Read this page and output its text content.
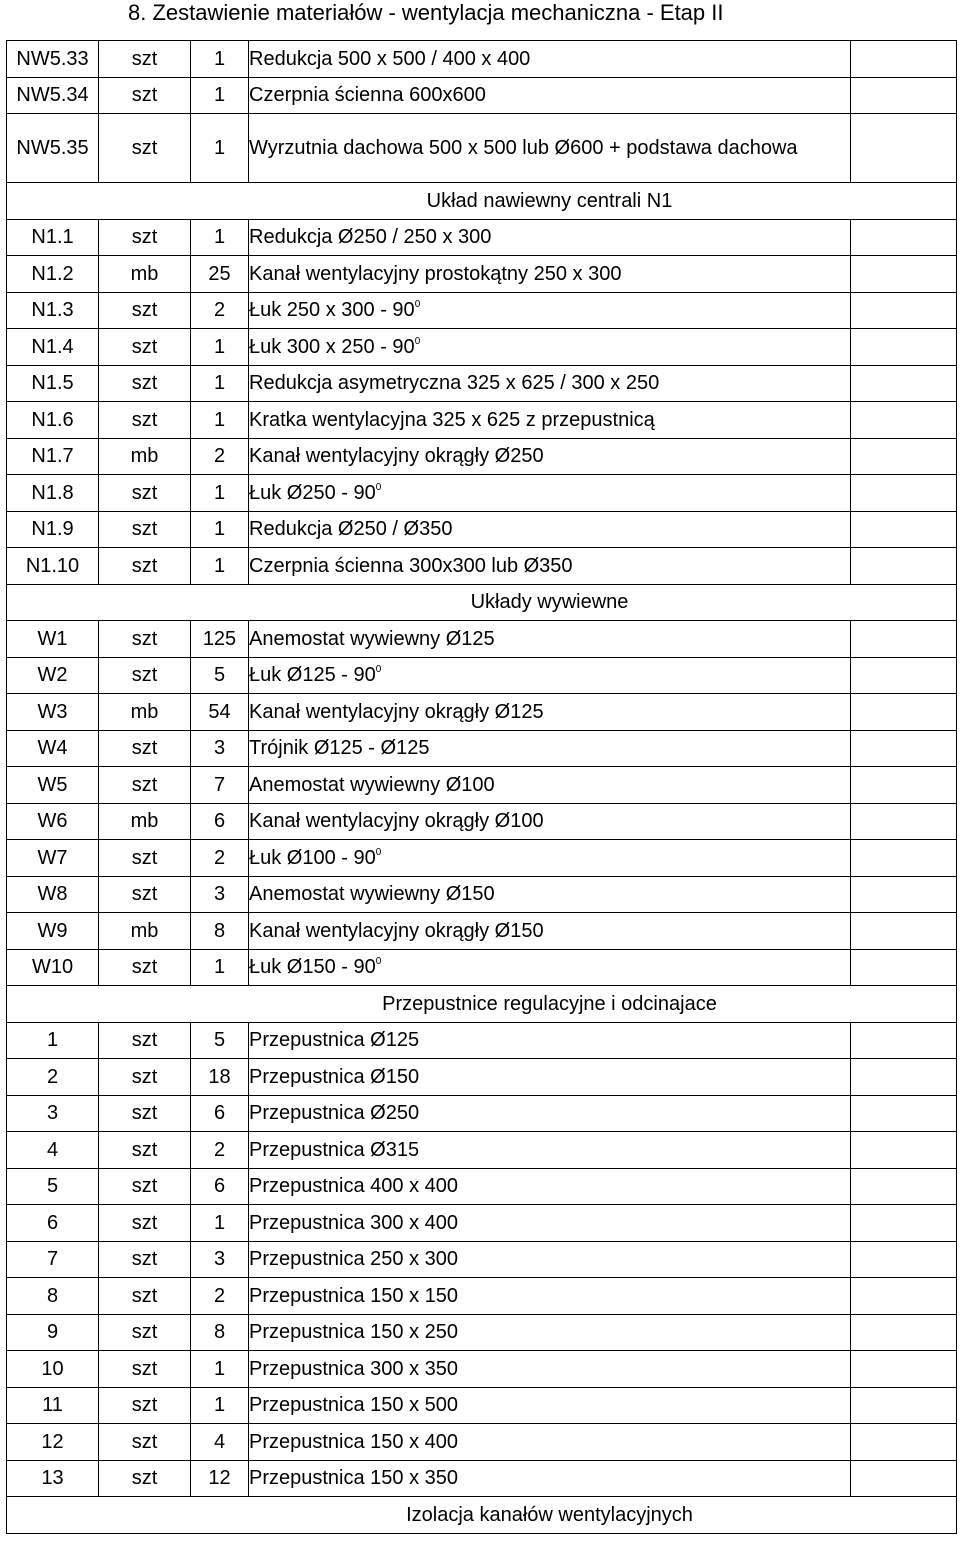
8. Zestawienie materiałów - wentylacja mechaniczna - Etap II
NW5.33	szt	1	Redukcja 500 x 500 / 400 x 400	
NW5.34	szt	1	Czerpnia ścienna 600x600	
NW5.35	szt	1	Wyrzutnia dachowa 500 x 500 lub Ø600 + podstawa dachowa	
			Układ nawiewny centrali N1	
N1.1	szt	1	Redukcja Ø250 / 250 x 300	
N1.2	mb	25	Kanał wentylacyjny prostokątny 250 x 300	
N1.3	szt	2	Łuk 250 x $300 - 90^0$	
N1.4	szt	1	Łuk 300 x $250 - 90^0$	
N1.5	szt	1	Redukcja asymetryczna 325 x 625 / 300 x 250	
N1.6	szt	1	Kratka wentylacyjna 325 x 625 z przepustnicą	
N1.7	mb	2	Kanał wentylacyjny okrągły Ø250	
N1.8	szt	1	Łuk Ø250 - $90^0$	
N1.9	szt	1	Redukcja Ø250 / Ø350	
N1.10	szt	1	Czerpnia ścienna 300x300 lub Ø350	
			Układy wywiewne	
W1	szt	125	Anemostat wywiewny Ø125	
W2	szt	5	Łuk Ø125 - $90^0$	
W3	mb	54	Kanał wentylacyjny okrągły Ø125	
W4	szt	3	Trójnik Ø125 - Ø125	
W5	szt	7	Anemostat wywiewny Ø100	
W6	mb	6	Kanał wentylacyjny okrągły Ø100	
W7	szt	2	Łuk Ø100 - $90^0$	
W8	szt	3	Anemostat wywiewny Ø150	
W9	mb	8	Kanał wentylacyjny okrągły Ø150	
W10	szt	1	Łuk Ø150 - $90^0$	
			Przepustnice regulacyjne i odcinajace	
1	szt	5	Przepustnica Ø125	
2	szt	18	Przepustnica Ø150	
3	szt	6	Przepustnica Ø250	
4	szt	2	Przepustnica Ø315	
5	szt	6	Przepustnica 400 x 400	
6	szt	1	Przepustnica 300 x 400	
7	szt	3	Przepustnica 250 x 300	
8	szt	2	Przepustnica 150 x 150	
9	szt	8	Przepustnica 150 x 250	
10	szt	1	Przepustnica 300 x 350	
11	szt	1	Przepustnica 150 x 500	
12	szt	4	Przepustnica 150 x 400	
13	szt	12	Przepustnica 150 x 350	
			Izolacja kanałów wentylacyjnych	
